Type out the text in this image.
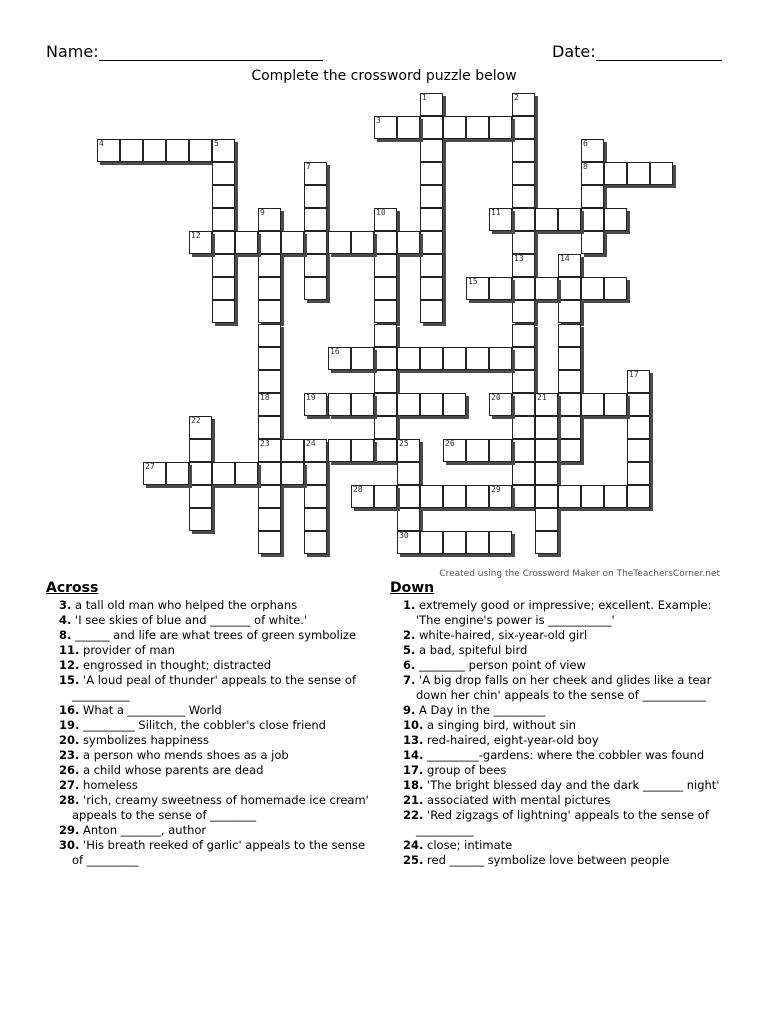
Name:	Date:
Complete the crossword puzzle below
1	2
3
4	5	6
8
7
9	10	11
12
13	14
15
16
17
18
23
19	20	21
22
24	25
30
26
27
28	29
Created using the Crossword Maker on TheTeachersCorner.net
Across
3. a tall old man who helped the orphans
4. 'I see skies of blue and _______ of white.'
8. ______ and life are what trees of green symbolize
11. provider of man
12. engrossed in thought; distracted
15. 'A loud peal of thunder' appeals to the sense of __________
16. What a __________ World
19. _________ Silitch, the cobbler's close friend
20. symbolizes happiness
23. a person who mends shoes as a job
26. a child whose parents are dead
27. homeless
28. 'rich, creamy sweetness of homemade ice cream' appeals to the sense of ________
29. Anton _______, author
30. 'His breath reeked of garlic' appeals to the sense of _________
Down
1. extremely good or impressive; excellent. Example: 'The engine's power is ___________'
2. white-haired, six-year-old girl
5. a bad, spiteful bird
6. ________ person point of view
7. 'A big drop falls on her cheek and glides like a tear down her chin' appeals to the sense of ___________
9. A Day in the _________
10. a singing bird, without sin
13. red-haired, eight-year-old boy
14. _________-gardens: where the cobbler was found
17. group of bees
18. 'The bright blessed day and the dark _______ night'
21. associated with mental pictures
22. 'Red zigzags of lightning' appeals to the sense of __________
24. close; intimate
25. red ______ symbolize love between people
